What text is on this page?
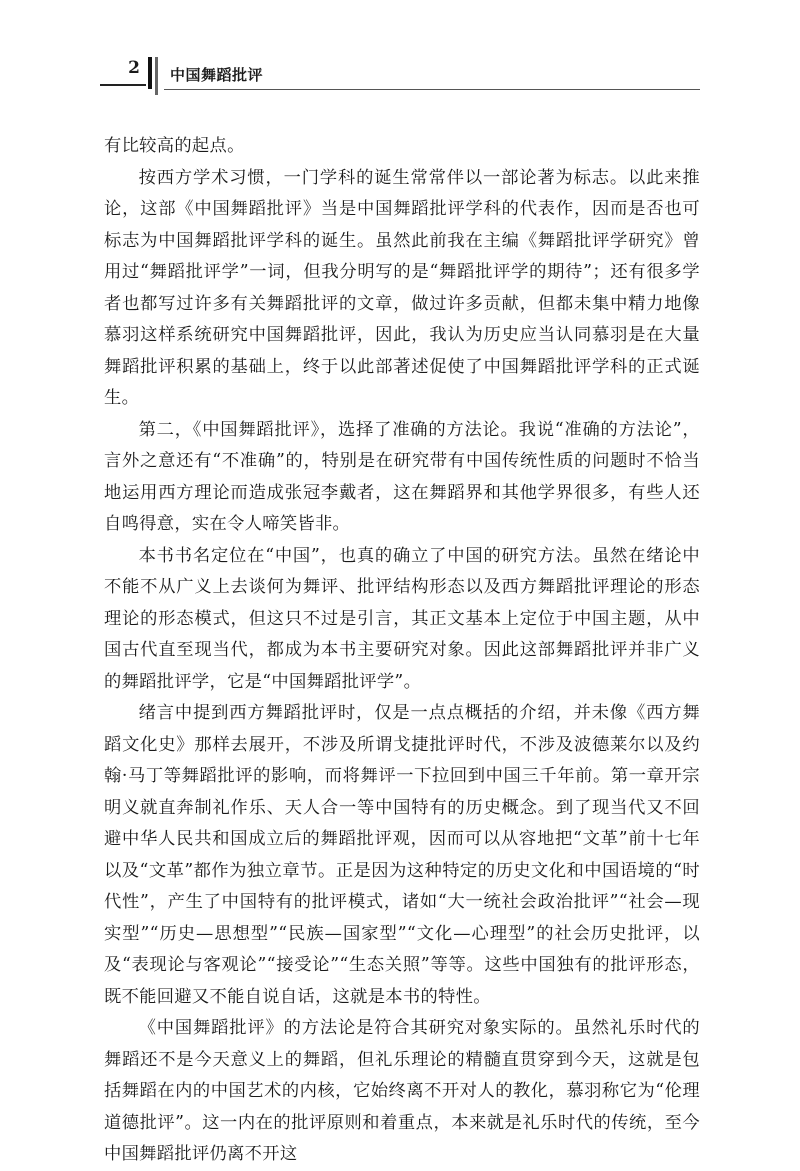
2	中国舞蹈批评

有比较高的起点。

按西方学术习惯，一门学科的诞生常常伴以一部论著为标志。以此来推论，这部《中国舞蹈批评》当是中国舞蹈批评学科的代表作，因而是否也可标志为中国舞蹈批评学科的诞生。虽然此前我在主编《舞蹈批评学研究》曾用过“舞蹈批评学”一词，但我分明写的是“舞蹈批评学的期待”；还有很多学者也都写过许多有关舞蹈批评的文章，做过许多贡献，但都未集中精力地像慕羽这样系统研究中国舞蹈批评，因此，我认为历史应当认同慕羽是在大量舞蹈批评积累的基础上，终于以此部著述促使了中国舞蹈批评学科的正式诞生。

第二，《中国舞蹈批评》，选择了准确的方法论。我说“准确的方法论”，言外之意还有“不准确”的，特别是在研究带有中国传统性质的问题时不恰当地运用西方理论而造成张冠李戴者，这在舞蹈界和其他学界很多，有些人还自鸣得意，实在令人啼笑皆非。

本书书名定位在“中国”，也真的确立了中国的研究方法。虽然在绪论中不能不从广义上去谈何为舞评、批评结构形态以及西方舞蹈批评理论的形态理论的形态模式，但这只不过是引言，其正文基本上定位于中国主题，从中国古代直至现当代，都成为本书主要研究对象。因此这部舞蹈批评并非广义的舞蹈批评学，它是“中国舞蹈批评学”。

绪言中提到西方舞蹈批评时，仅是一点点概括的介绍，并未像《西方舞蹈文化史》那样去展开，不涉及所谓戈捷批评时代，不涉及波德莱尔以及约翰·马丁等舞蹈批评的影响，而将舞评一下拉回到中国三千年前。第一章开宗明义就直奔制礼作乐、天人合一等中国特有的历史概念。到了现当代又不回避中华人民共和国成立后的舞蹈批评观，因而可以从容地把“文革”前十七年以及“文革”都作为独立章节。正是因为这种特定的历史文化和中国语境的“时代性”，产生了中国特有的批评模式，诸如“大一统社会政治批评”“社会—现实型”“历史—思想型”“民族—国家型”“文化—心理型”的社会历史批评，以及“表现论与客观论”“接受论”“生态关照”等等。这些中国独有的批评形态，既不能回避又不能自说自话，这就是本书的特性。

《中国舞蹈批评》的方法论是符合其研究对象实际的。虽然礼乐时代的舞蹈还不是今天意义上的舞蹈，但礼乐理论的精髓直贯穿到今天，这就是包括舞蹈在内的中国艺术的内核，它始终离不开对人的教化，慕羽称它为“伦理道德批评”。这一内在的批评原则和着重点，本来就是礼乐时代的传统，至今中国舞蹈批评仍离不开这
